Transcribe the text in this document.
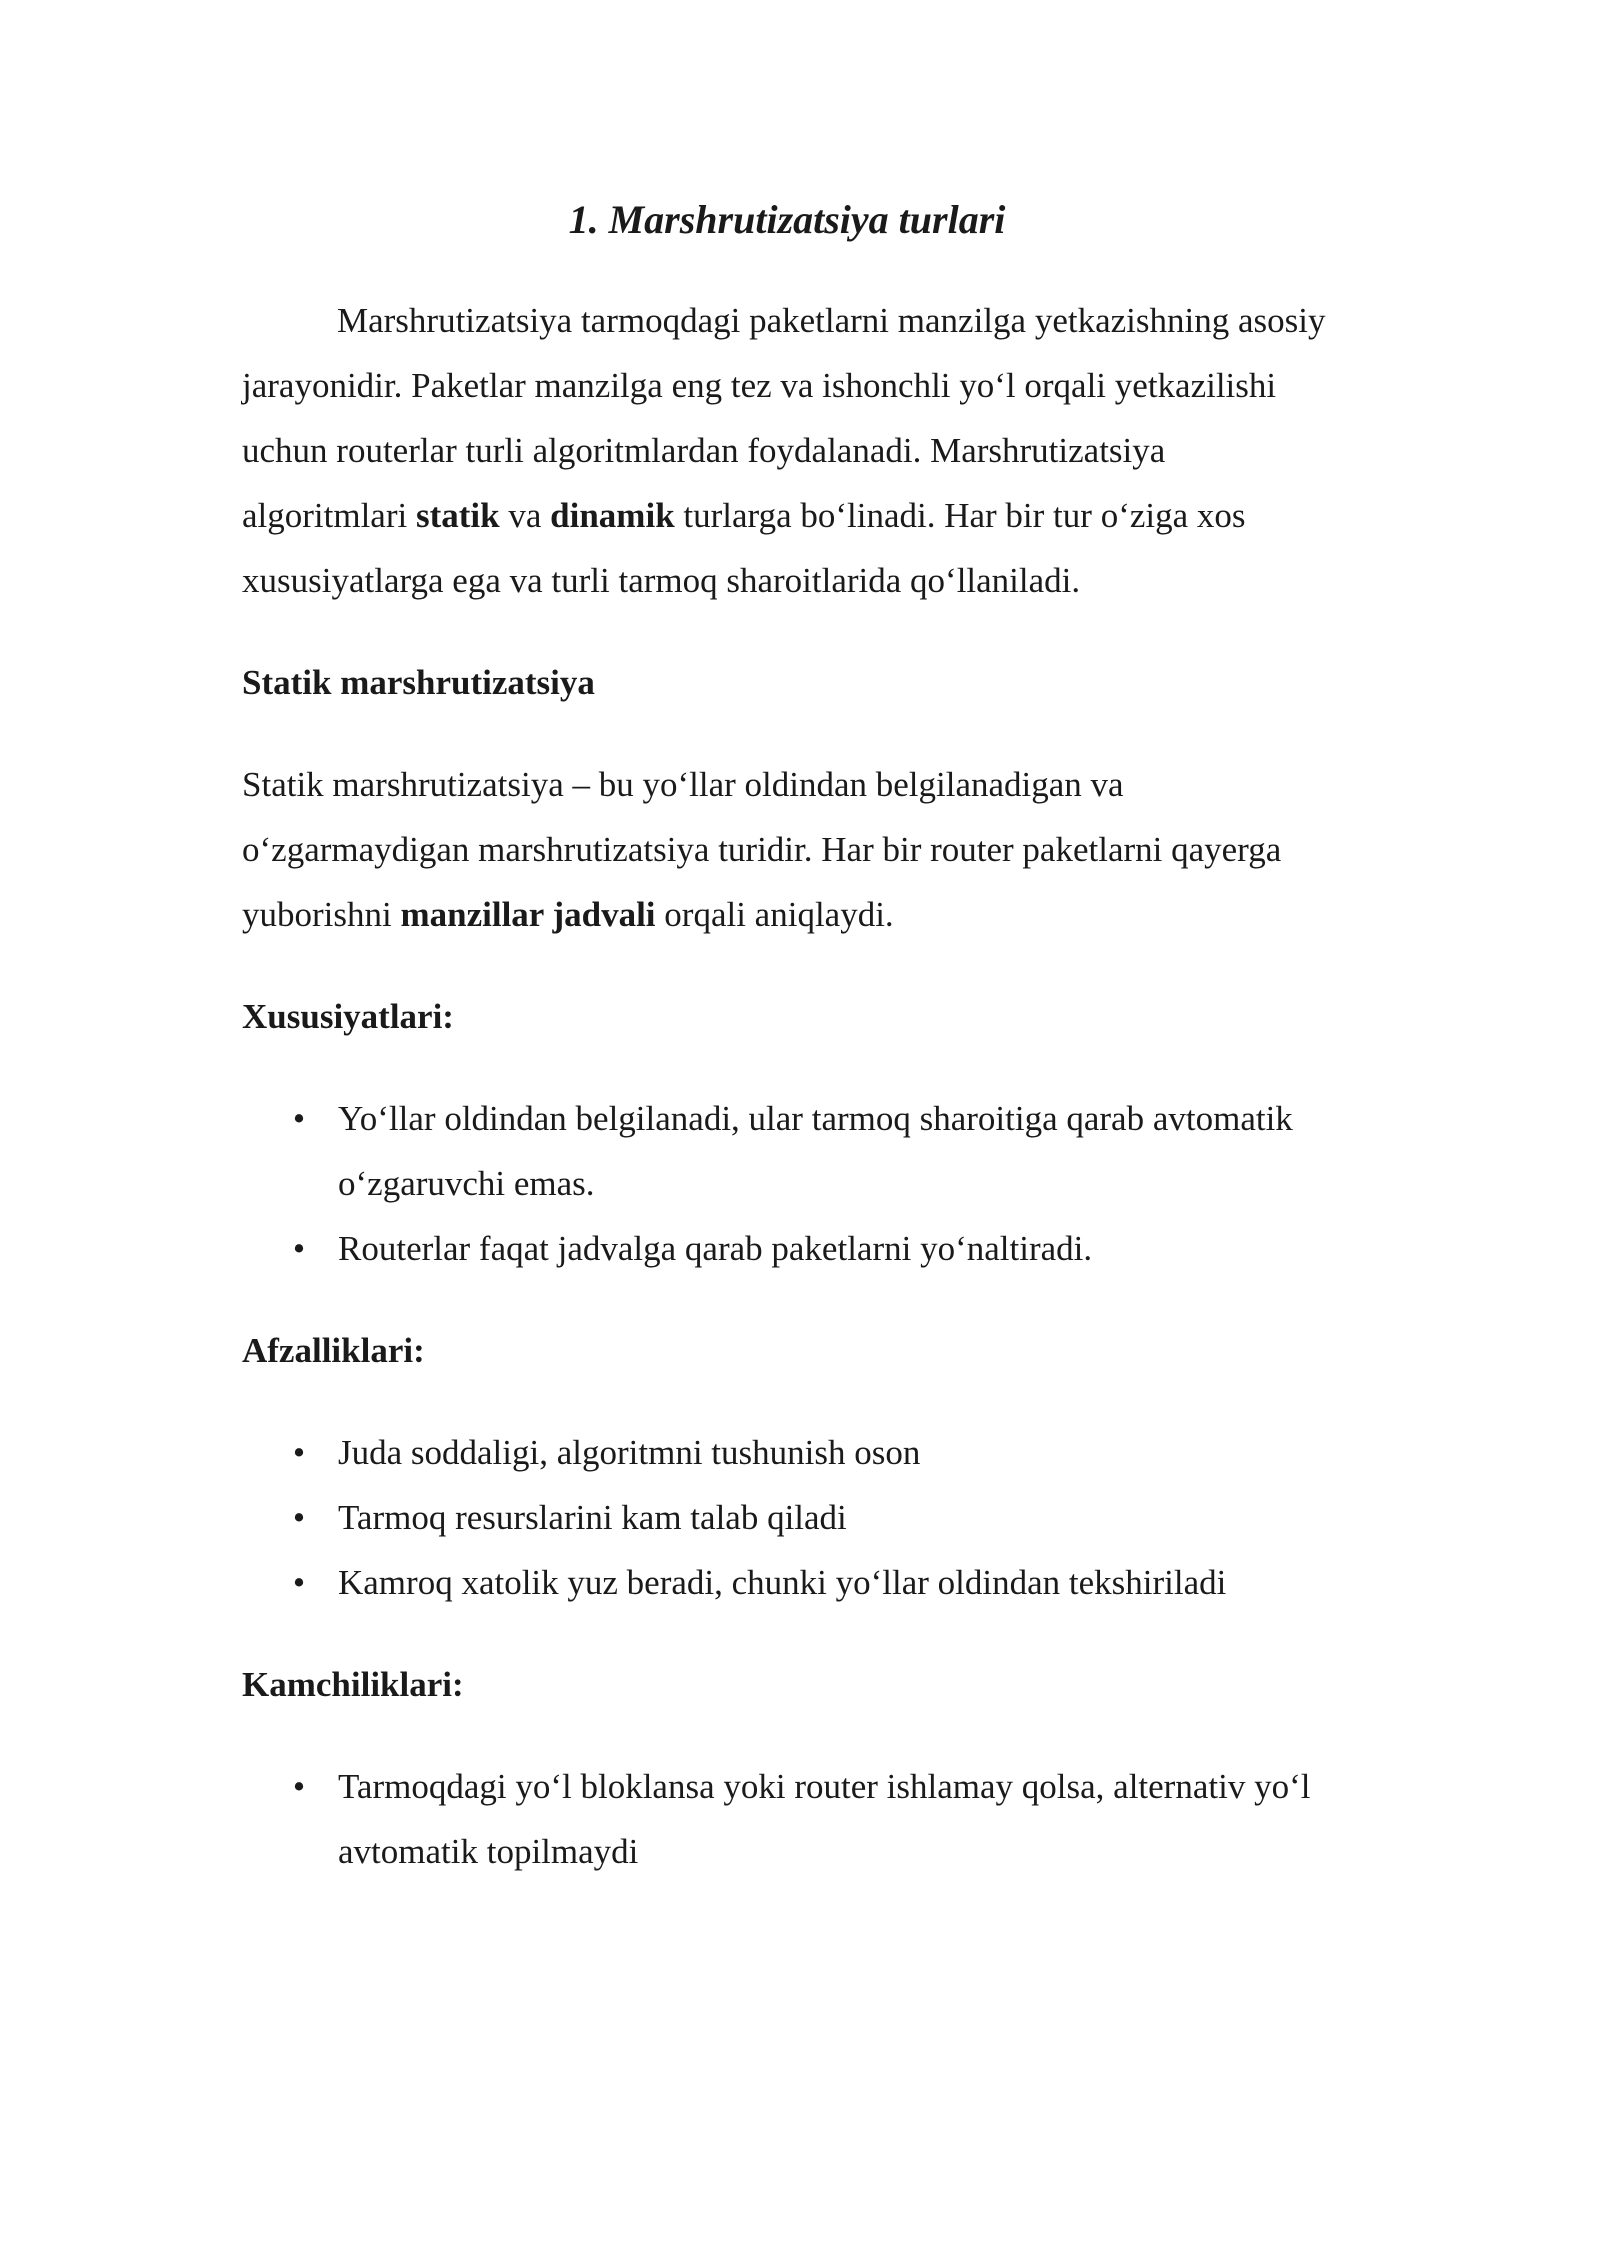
1. Marshrutizatsiya turlari

Marshrutizatsiya tarmoqdagi paketlarni manzilga yetkazishning asosiy jarayonidir. Paketlar manzilga eng tez va ishonchli yo‘l orqali yetkazilishi uchun routerlar turli algoritmlardan foydalanadi. Marshrutizatsiya algoritmlari statik va dinamik turlarga bo‘linadi. Har bir tur o‘ziga xos xususiyatlarga ega va turli tarmoq sharoitlarida qo‘llaniladi.

Statik marshrutizatsiya

Statik marshrutizatsiya – bu yo‘llar oldindan belgilanadigan va o‘zgarmaydigan marshrutizatsiya turidir. Har bir router paketlarni qayerga yuborishni manzillar jadvali orqali aniqlaydi.

Xususiyatlari:

• Yo‘llar oldindan belgilanadi, ular tarmoq sharoitiga qarab avtomatik o‘zgaruvchi emas.
• Routerlar faqat jadvalga qarab paketlarni yo‘naltiradi.

Afzalliklari:

• Juda soddaligi, algoritmni tushunish oson
• Tarmoq resurslarini kam talab qiladi
• Kamroq xatolik yuz beradi, chunki yo‘llar oldindan tekshiriladi

Kamchiliklari:

• Tarmoqdagi yo‘l bloklansa yoki router ishlamay qolsa, alternativ yo‘l avtomatik topilmaydi
